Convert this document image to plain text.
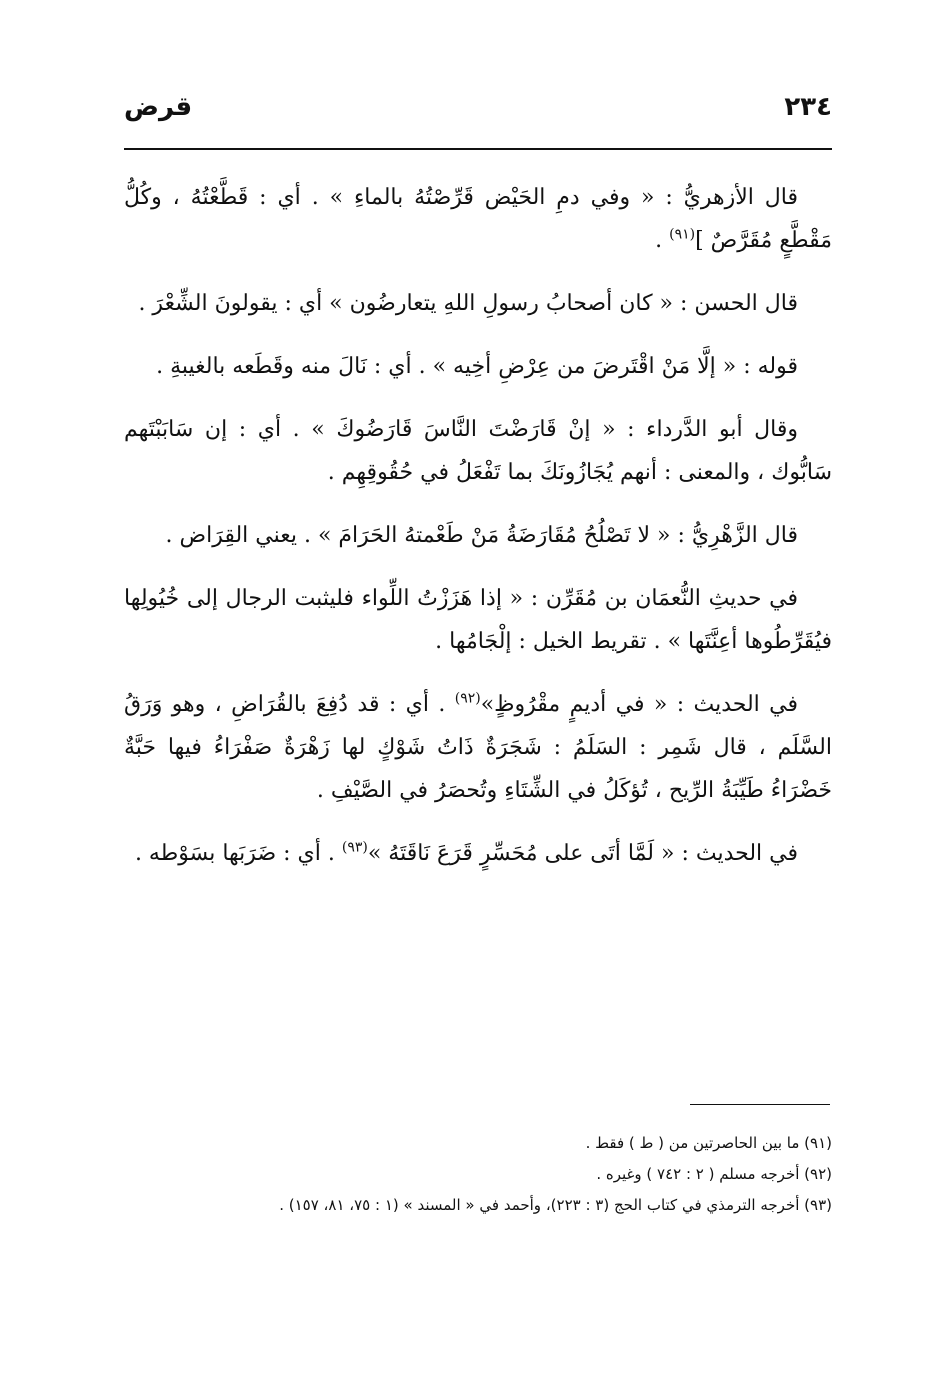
٢٣٤
قرض

قال الأزهريُّ : « وفي دمِ الحَيْض قَرِّصْتُهُ بالماءِ » . أي : قَطَّعْتُهُ ، وكُلُّ مَقْطَّعٍ مُقَرَّصٌ ]$^{(٩١)}$ .

قال الحسن : « كان أصحابُ رسولِ اللهِ يتعارضُون » أي : يقولونَ الشِّعْرَ .

قوله : « إلَّا مَنْ اقْتَرضَ من عِرْضِ أخِيه » . أي : نَالَ منه وقَطَعه بالغيبةِ .

وقال أبو الدَّرداء : « إنْ قَارَضْتَ النَّاسَ قَارَضُوكَ » . أي : إن سَابَبْتَهم سَابُّوك ، والمعنى : أنهم يُجَازُونَكَ بما تَفْعَلُ في حُقُوقِهِم .

قال الزَّهْرِيُّ : « لا تَصْلُحُ مُقَارَضَةُ مَنْ طَعْمتهُ الحَرَامَ » . يعني القِرَاض .

في حديثِ النُّعمَان بن مُقَرِّن : « إذا هَزَزْتُ اللِّواء فليثبت الرجال إلى خُيُولِها فيُقَرِّطُوها أعِنَّتَها » . تقريط الخيل : إلْجَامُها .

في الحديث : « في أديمٍ مقْرُوظٍ»$^{(٩٢)}$ . أي : قد دُفِعَ بالقُرَاضِ ، وهو وَرَقُ السَّلَم ، قال شَمِر : السَلَمُ : شَجَرَةٌ ذَاتُ شَوْكٍ لها زَهْرَةٌ صَفْرَاءُ فيها حَبَّةٌ خَضْرَاءُ طَيِّبَةُ الرِّيح ، تُؤكَلُ في الشِّتَاءِ وتُحصَرُ في الصَّيْفِ .

في الحديث : « لَمَّا أتَى على مُحَسِّرٍ قَرَعَ نَاقَتَهُ »$^{(٩٣)}$ . أي : ضَرَبَها بسَوْطه .

(٩١) ما بين الحاصرتين من ( ط ) فقط .

(٩٢) أخرجه مسلم ( ٢ : ٧٤٢ ) وغيره .

(٩٣) أخرجه الترمذي في كتاب الحج (٣ : ٢٢٣)، وأحمد في « المسند » (١ : ٧٥، ٨١، ١٥٧) .
